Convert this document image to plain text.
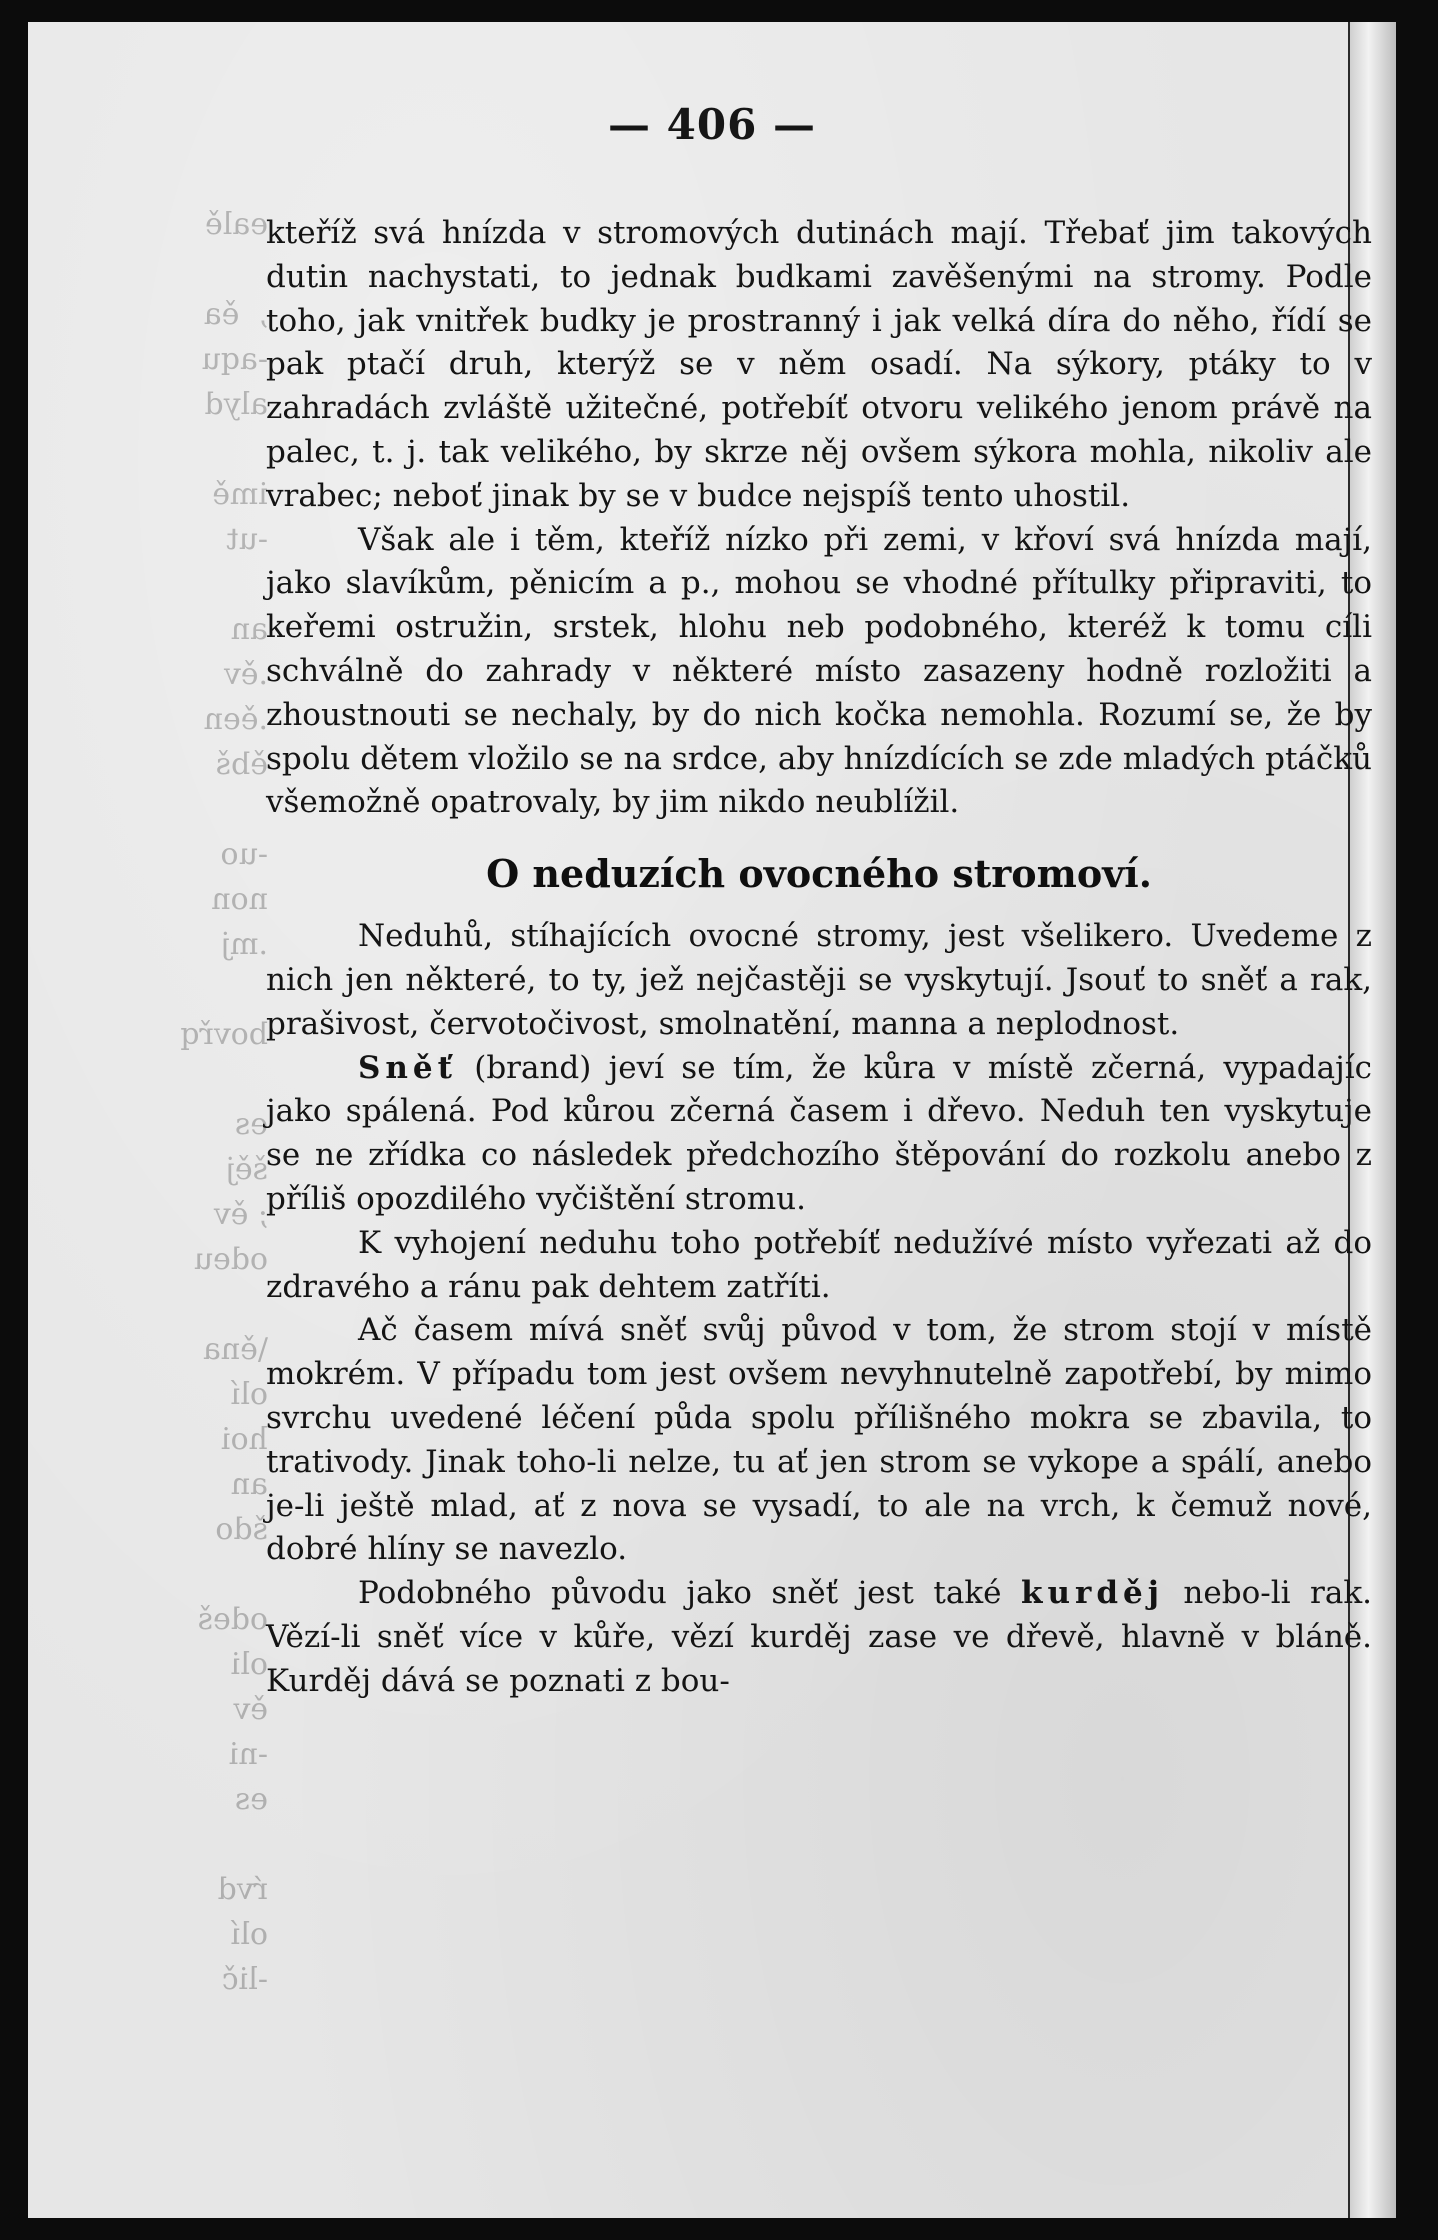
ealě

,  ěa
-aqu
alyd

imě
-ut

an
.ěv
.ěen
ěbš

-uo
non
.mj

bovřq

es
šěj
; ěv
odeu

\ěna
olí
hoi
an
šdo

odeš
oli
ěv
-ni
es

ŕvd
olí
-lič
— 406 —

kteříž svá hnízda v stromových dutinách mají. Třebať jim takových dutin nachystati, to jednak budkami zavěšenými na stromy. Podle toho, jak vnitřek budky je prostranný i jak velká díra do něho, řídí se pak ptačí druh, kterýž se v něm osadí. Na sýkory, ptáky to v zahradách zvláště užitečné, potřebíť otvoru velikého jenom právě na palec, t. j. tak velikého, by skrze něj ovšem sýkora mohla, nikoliv ale vrabec; neboť jinak by se v budce nejspíš tento uhostil.

Však ale i těm, kteříž nízko při zemi, v křoví svá hnízda mají, jako slavíkům, pěnicím a p., mohou se vhodné přítulky připraviti, to keřemi ostružin, srstek, hlohu neb podobného, kteréž k tomu cíli schválně do zahrady v některé místo zasazeny hodně rozložiti a zhoustnouti se nechaly, by do nich kočka nemohla. Rozumí se, že by spolu dětem vložilo se na srdce, aby hnízdících se zde mladých ptáčků všemožně opatrovaly, by jim nikdo neublížil.

O neduzích ovocného stromoví.

Neduhů, stíhajících ovocné stromy, jest všelikero. Uvedeme z nich jen některé, to ty, jež nejčastěji se vyskytují. Jsouť to sněť a rak, prašivost, červotočivost, smolnatění, manna a neplodnost.

Sněť (brand) jeví se tím, že kůra v místě zčerná, vypadajíc jako spálená. Pod kůrou zčerná časem i dřevo. Neduh ten vyskytuje se ne zřídka co následek předchozího štěpování do rozkolu anebo z příliš opozdilého vyčištění stromu.

K vyhojení neduhu toho potřebíť nedužívé místo vyřezati až do zdravého a ránu pak dehtem zatříti.

Ač časem mívá sněť svůj původ v tom, že strom stojí v místě mokrém. V případu tom jest ovšem nevyhnutelně zapotřebí, by mimo svrchu uvedené léčení půda spolu přílišného mokra se zbavila, to trativody. Jinak toho-li nelze, tu ať jen strom se vykope a spálí, anebo je-li ještě mlad, ať z nova se vysadí, to ale na vrch, k čemuž nové, dobré hlíny se navezlo.

Podobného původu jako sněť jest také kurděj nebo-li rak. Vězí-li sněť více v kůře, vězí kurděj zase ve dřevě, hlavně v bláně. Kurděj dává se poznati z bou-
